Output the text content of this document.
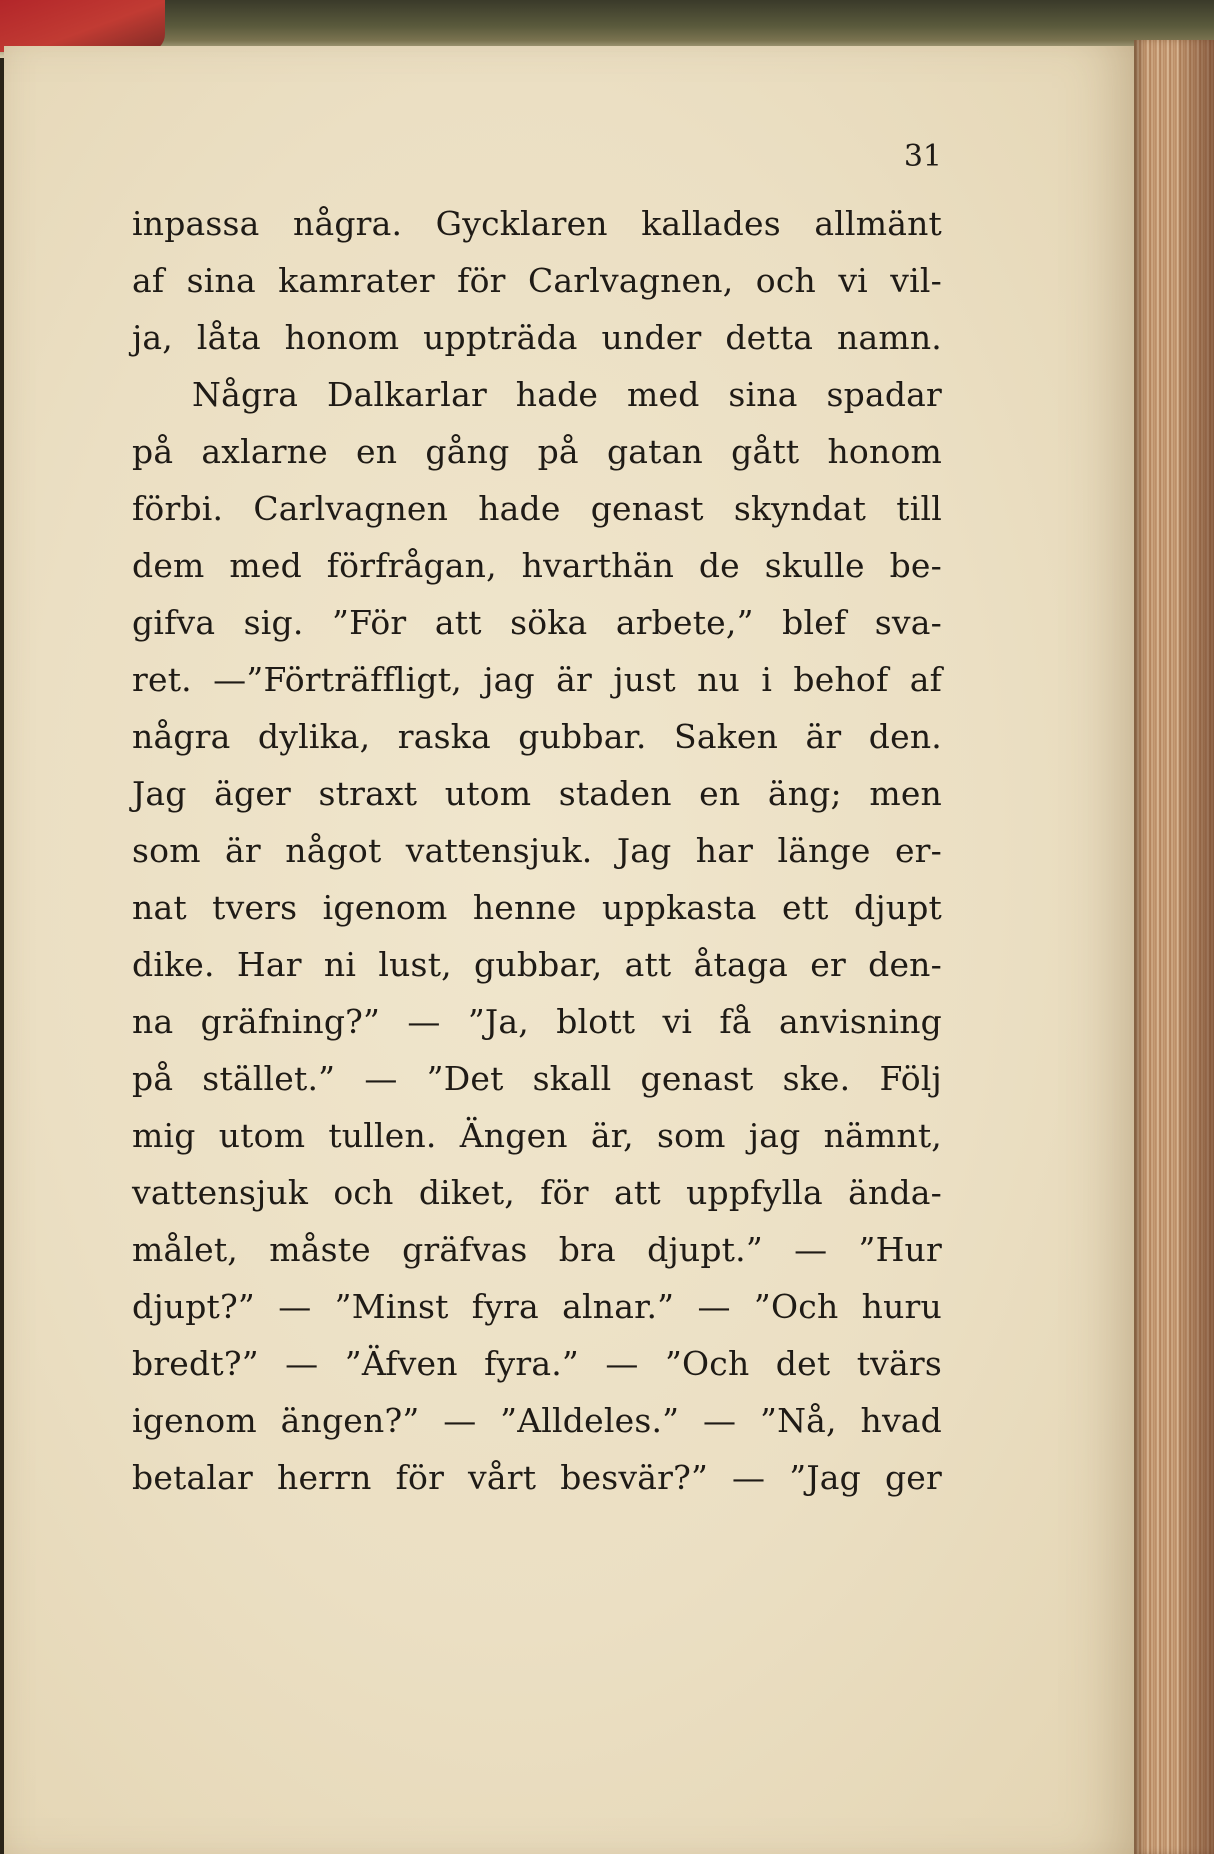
31
inpassa några. Gycklaren kallades allmänt
af sina kamrater för Carlvagnen, och vi vil-
ja, låta honom uppträda under detta namn.
Några Dalkarlar hade med sina spadar
på axlarne en gång på gatan gått honom
förbi. Carlvagnen hade genast skyndat till
dem med förfrågan, hvarthän de skulle be-
gifva sig. ”För att söka arbete,” blef sva-
ret. —”Förträffligt, jag är just nu i behof af
några dylika, raska gubbar. Saken är den.
Jag äger straxt utom staden en äng; men
som är något vattensjuk. Jag har länge er-
nat tvers igenom henne uppkasta ett djupt
dike. Har ni lust, gubbar, att åtaga er den-
na gräfning?” — ”Ja, blott vi få anvisning
på stället.” — ”Det skall genast ske. Följ
mig utom tullen. Ängen är, som jag nämnt,
vattensjuk och diket, för att uppfylla ända-
målet, måste gräfvas bra djupt.” — ”Hur
djupt?” — ”Minst fyra alnar.” — ”Och huru
bredt?” — ”Äfven fyra.” — ”Och det tvärs
igenom ängen?” — ”Alldeles.” — ”Nå, hvad
betalar herrn för vårt besvär?” — ”Jag ger
